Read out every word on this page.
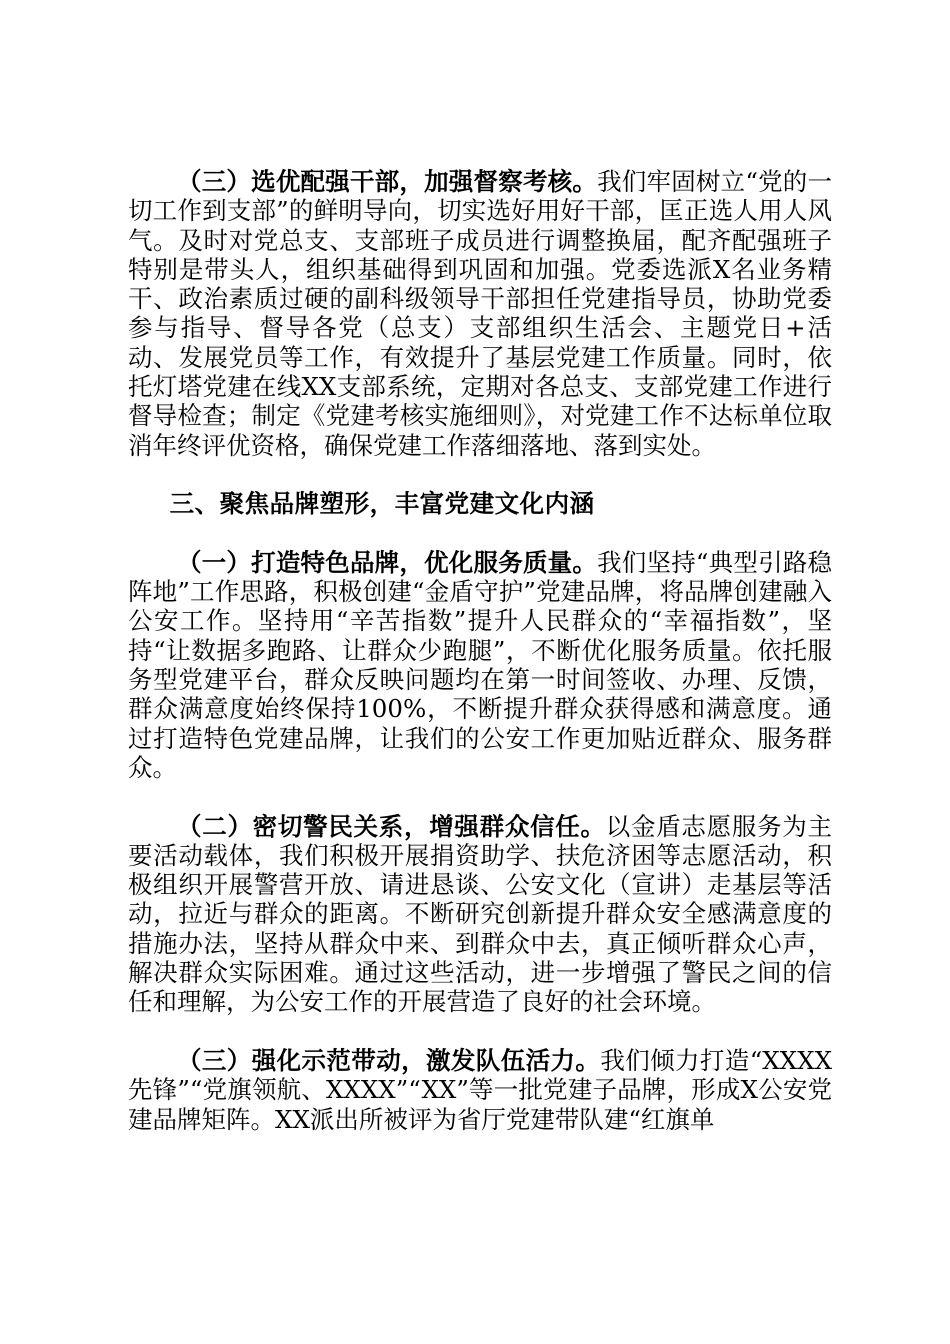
（三）选优配强干部，加强督察考核。我们牢固树立“党的一切工作到支部”的鲜明导向，切实选好用好干部，匡正选人用人风气。及时对党总支、支部班子成员进行调整换届，配齐配强班子特别是带头人，组织基础得到巩固和加强。党委选派X名业务精干、政治素质过硬的副科级领导干部担任党建指导员，协助党委参与指导、督导各党（总支）支部组织生活会、主题党日+活动、发展党员等工作，有效提升了基层党建工作质量。同时，依托灯塔党建在线XX支部系统，定期对各总支、支部党建工作进行督导检查；制定《党建考核实施细则》，对党建工作不达标单位取消年终评优资格，确保党建工作落细落地、落到实处。

三、聚焦品牌塑形，丰富党建文化内涵

（一）打造特色品牌，优化服务质量。我们坚持“典型引路稳阵地”工作思路，积极创建“金盾守护”党建品牌，将品牌创建融入公安工作。坚持用“辛苦指数”提升人民群众的“幸福指数”，坚持“让数据多跑路、让群众少跑腿”，不断优化服务质量。依托服务型党建平台，群众反映问题均在第一时间签收、办理、反馈，群众满意度始终保持100%，不断提升群众获得感和满意度。通过打造特色党建品牌，让我们的公安工作更加贴近群众、服务群众。

（二）密切警民关系，增强群众信任。以金盾志愿服务为主要活动载体，我们积极开展捐资助学、扶危济困等志愿活动，积极组织开展警营开放、请进恳谈、公安文化（宣讲）走基层等活动，拉近与群众的距离。不断研究创新提升群众安全感满意度的措施办法，坚持从群众中来、到群众中去，真正倾听群众心声，解决群众实际困难。通过这些活动，进一步增强了警民之间的信任和理解，为公安工作的开展营造了良好的社会环境。

（三）强化示范带动，激发队伍活力。我们倾力打造“XXXX先锋”“党旗领航、XXXX”“XX”等一批党建子品牌，形成X公安党建品牌矩阵。XX派出所被评为省厅党建带队建“红旗单
